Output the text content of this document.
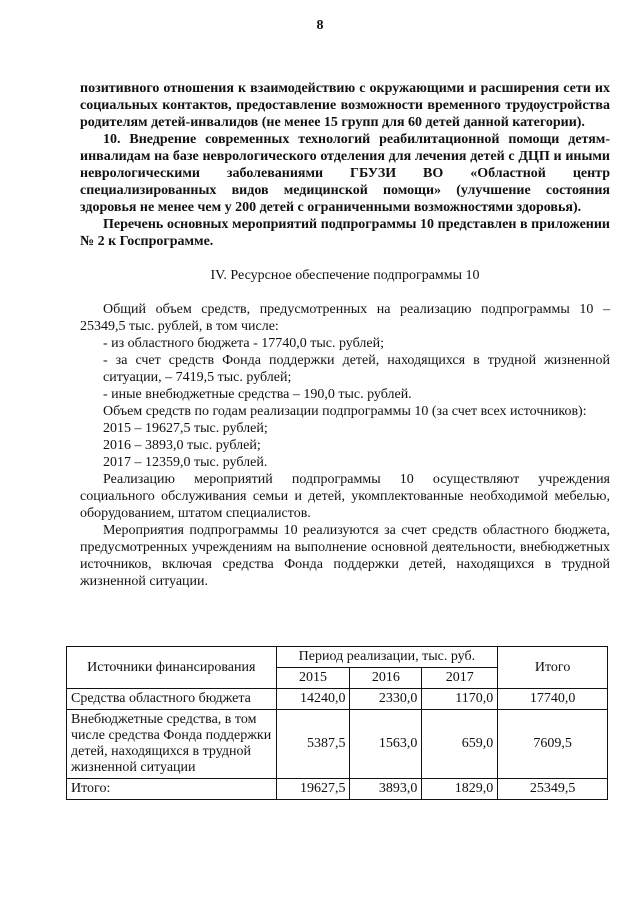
8

позитивного отношения к взаимодействию с окружающими и расширения сети их социальных контактов, предоставление возможности временного трудоустройства родителям детей-инвалидов (не менее 15 групп для 60 детей данной категории).

10. Внедрение современных технологий реабилитационной помощи детям-инвалидам на базе неврологического отделения для лечения детей с ДЦП и иными неврологическими заболеваниями ГБУЗИ ВО «Областной центр специализированных видов медицинской помощи» (улучшение состояния здоровья не менее чем у 200 детей с ограниченными возможностями здоровья).

Перечень основных мероприятий подпрограммы 10 представлен в приложении № 2 к Госпрограмме.

IV. Ресурсное обеспечение подпрограммы 10

Общий объем средств, предусмотренных на реализацию подпрограммы 10 – 25349,5 тыс. рублей, в том числе:

- из областного бюджета - 17740,0 тыс. рублей;

- за счет средств Фонда поддержки детей, находящихся в трудной жизненной ситуации, – 7419,5 тыс. рублей;

- иные внебюджетные средства – 190,0 тыс. рублей.

Объем средств по годам реализации подпрограммы 10 (за счет всех источников):

2015 – 19627,5 тыс. рублей;

2016 – 3893,0 тыс. рублей;

2017 – 12359,0 тыс. рублей.

Реализацию мероприятий подпрограммы 10 осуществляют учреждения социального обслуживания семьи и детей, укомплектованные необходимой мебелью, оборудованием, штатом специалистов.

Мероприятия подпрограммы 10 реализуются за счет средств областного бюджета, предусмотренных учреждениям на выполнение основной деятельности, внебюджетных источников, включая средства Фонда поддержки детей, находящихся в трудной жизненной ситуации.

Источники финансирования	Период реализации, тыс. руб.			Итого
	2015	2016	2017	
Средства областного бюджета	14240,0	2330,0	1170,0	17740,0
Внебюджетные средства, в том числе средства Фонда поддержки детей, находящихся в трудной жизненной ситуации	5387,5	1563,0	659,0	7609,5
Итого:	19627,5	3893,0	1829,0	25349,5
